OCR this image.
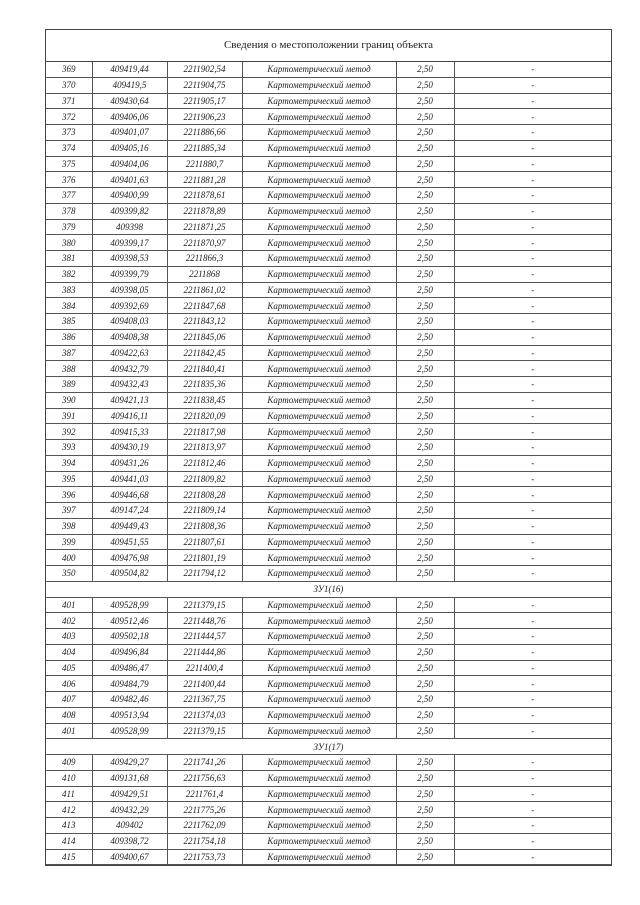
Сведения о местоположении границ объекта
369	409419,44	2211902,54	Картометрический метод	2,50	-
370	409419,5	2211904,75	Картометрический метод	2,50	-
371	409430,64	2211905,17	Картометрический метод	2,50	-
372	409406,06	2211906,23	Картометрический метод	2,50	-
373	409401,07	2211886,66	Картометрический метод	2,50	-
374	409405,16	2211885,34	Картометрический метод	2,50	-
375	409404,06	2211880,7	Картометрический метод	2,50	-
376	409401,63	2211881,28	Картометрический метод	2,50	-
377	409400,99	2211878,61	Картометрический метод	2,50	-
378	409399,82	2211878,89	Картометрический метод	2,50	-
379	409398	2211871,25	Картометрический метод	2,50	-
380	409399,17	2211870,97	Картометрический метод	2,50	-
381	409398,53	2211866,3	Картометрический метод	2,50	-
382	409399,79	2211868	Картометрический метод	2,50	-
383	409398,05	2211861,02	Картометрический метод	2,50	-
384	409392,69	2211847,68	Картометрический метод	2,50	-
385	409408,03	2211843,12	Картометрический метод	2,50	-
386	409408,38	2211845,06	Картометрический метод	2,50	-
387	409422,63	2211842,45	Картометрический метод	2,50	-
388	409432,79	2211840,41	Картометрический метод	2,50	-
389	409432,43	2211835,36	Картометрический метод	2,50	-
390	409421,13	2211838,45	Картометрический метод	2,50	-
391	409416,11	2211820,09	Картометрический метод	2,50	-
392	409415,33	2211817,98	Картометрический метод	2,50	-
393	409430,19	2211813,97	Картометрический метод	2,50	-
394	409431,26	2211812,46	Картометрический метод	2,50	-
395	409441,03	2211809,82	Картометрический метод	2,50	-
396	409446,68	2211808,28	Картометрический метод	2,50	-
397	409147,24	2211809,14	Картометрический метод	2,50	-
398	409449,43	2211808,36	Картометрический метод	2,50	-
399	409451,55	2211807,61	Картометрический метод	2,50	-
400	409476,98	2211801,19	Картометрический метод	2,50	-
350	409504,82	2211794,12	Картометрический метод	2,50	-
ЗУ1(16)					
401	409528,99	2211379,15	Картометрический метод	2,50	-
402	409512,46	2211448,76	Картометрический метод	2,50	-
403	409502,18	2211444,57	Картометрический метод	2,50	-
404	409496,84	2211444,86	Картометрический метод	2,50	-
405	409486,47	2211400,4	Картометрический метод	2,50	-
406	409484,79	2211400,44	Картометрический метод	2,50	-
407	409482,46	2211367,75	Картометрический метод	2,50	-
408	409513,94	2211374,03	Картометрический метод	2,50	-
401	409528,99	2211379,15	Картометрический метод	2,50	-
ЗУ1(17)					
409	409429,27	2211741,26	Картометрический метод	2,50	-
410	409131,68	2211756,63	Картометрический метод	2,50	-
411	409429,51	2211761,4	Картометрический метод	2,50	-
412	409432,29	2211775,26	Картометрический метод	2,50	-
413	409402	2211762,09	Картометрический метод	2,50	-
414	409398,72	2211754,18	Картометрический метод	2,50	-
415	409400,67	2211753,73	Картометрический метод	2,50	-
